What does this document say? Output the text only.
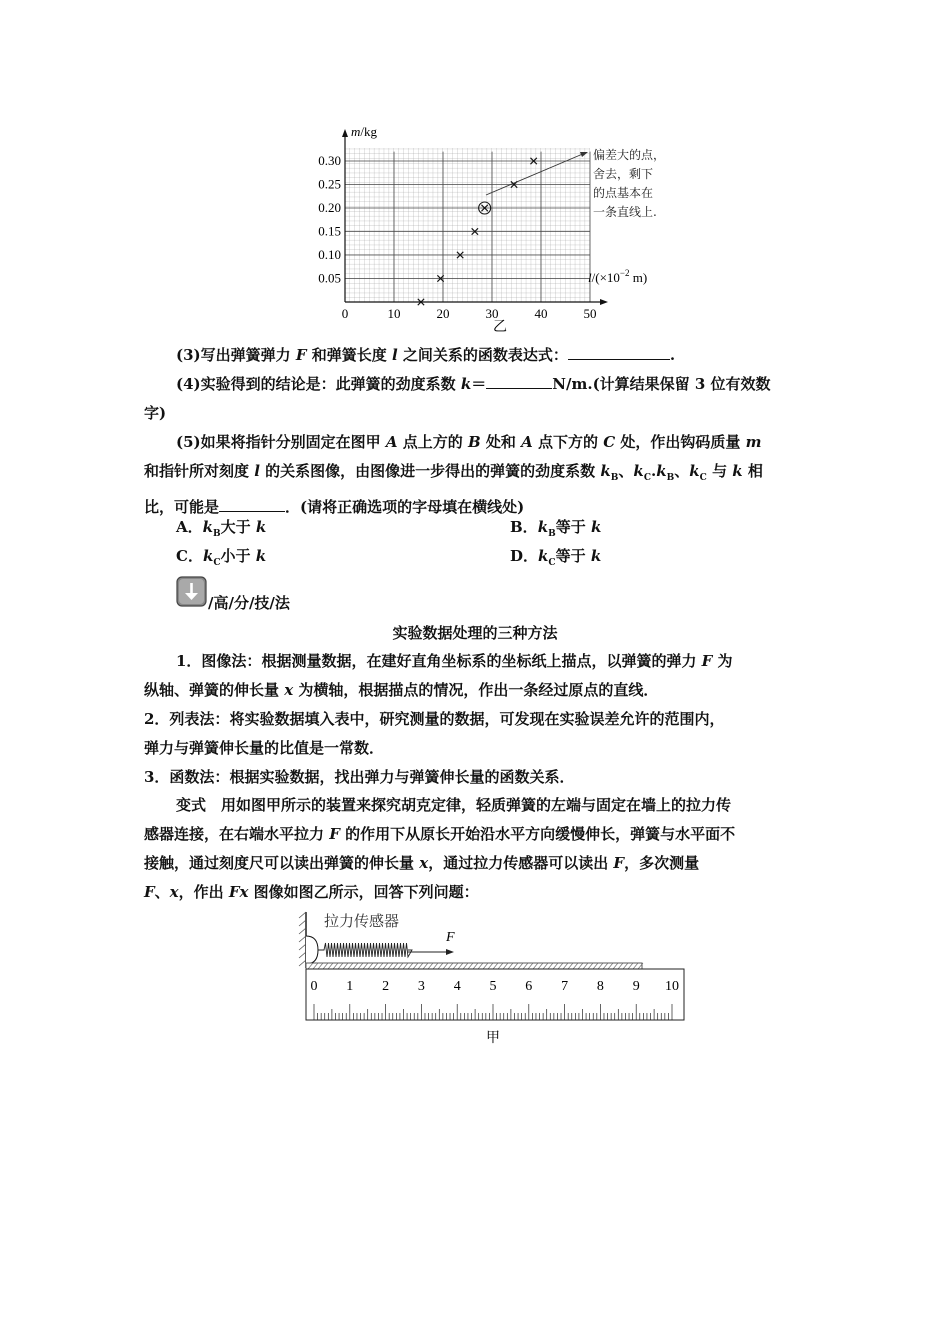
0.05
0.10
0.15
0.20
0.25
0.30
0	10	20	30	40	50
m/kg
$l/(\times 10^{-2}$ m)
乙
偏差大的点，
舍去，剩下
的点基本在
一条直线上.
(3)写出弹簧弹力 F 和弹簧长度 l 之间关系的函数表达式：	.
(4)实验得到的结论是：此弹簧的劲度系数 k＝	N/m.(计算结果保留 3 位有效数
字)
(5)如果将指针分别固定在图甲 A 点上方的 B 处和 A 点下方的 C 处，作出钩码质量 m
和指针所对刻度 l 的关系图像，由图像进一步得出的弹簧的劲度系数 $k_B$、$k_C.k_B$、$k_C$ 与 k 相
比，可能是	．(请将正确选项的字母填在横线处)
A．$k_B$大于 k	B．$k_B$等于 k
C．$k_C$小于 k	D．$k_C$等于 k
/高/分/技/法
实验数据处理的三种方法
1．图像法：根据测量数据，在建好直角坐标系的坐标纸上描点，以弹簧的弹力 F 为
纵轴、弹簧的伸长量 x 为横轴，根据描点的情况，作出一条经过原点的直线．
2．列表法：将实验数据填入表中，研究测量的数据，可发现在实验误差允许的范围内，
弹力与弹簧伸长量的比值是一常数．
3．函数法：根据实验数据，找出弹力与弹簧伸长量的函数关系．
变式　用如图甲所示的装置来探究胡克定律，轻质弹簧的左端与固定在墙上的拉力传
感器连接，在右端水平拉力 F 的作用下从原长开始沿水平方向缓慢伸长，弹簧与水平面不
接触，通过刻度尺可以读出弹簧的伸长量 x，通过拉力传感器可以读出 F，多次测量
F、x，作出 Fx 图像如图乙所示，回答下列问题：
拉力传感器
F
0 1 2 3 4 5 6 7 8 9 10
甲
